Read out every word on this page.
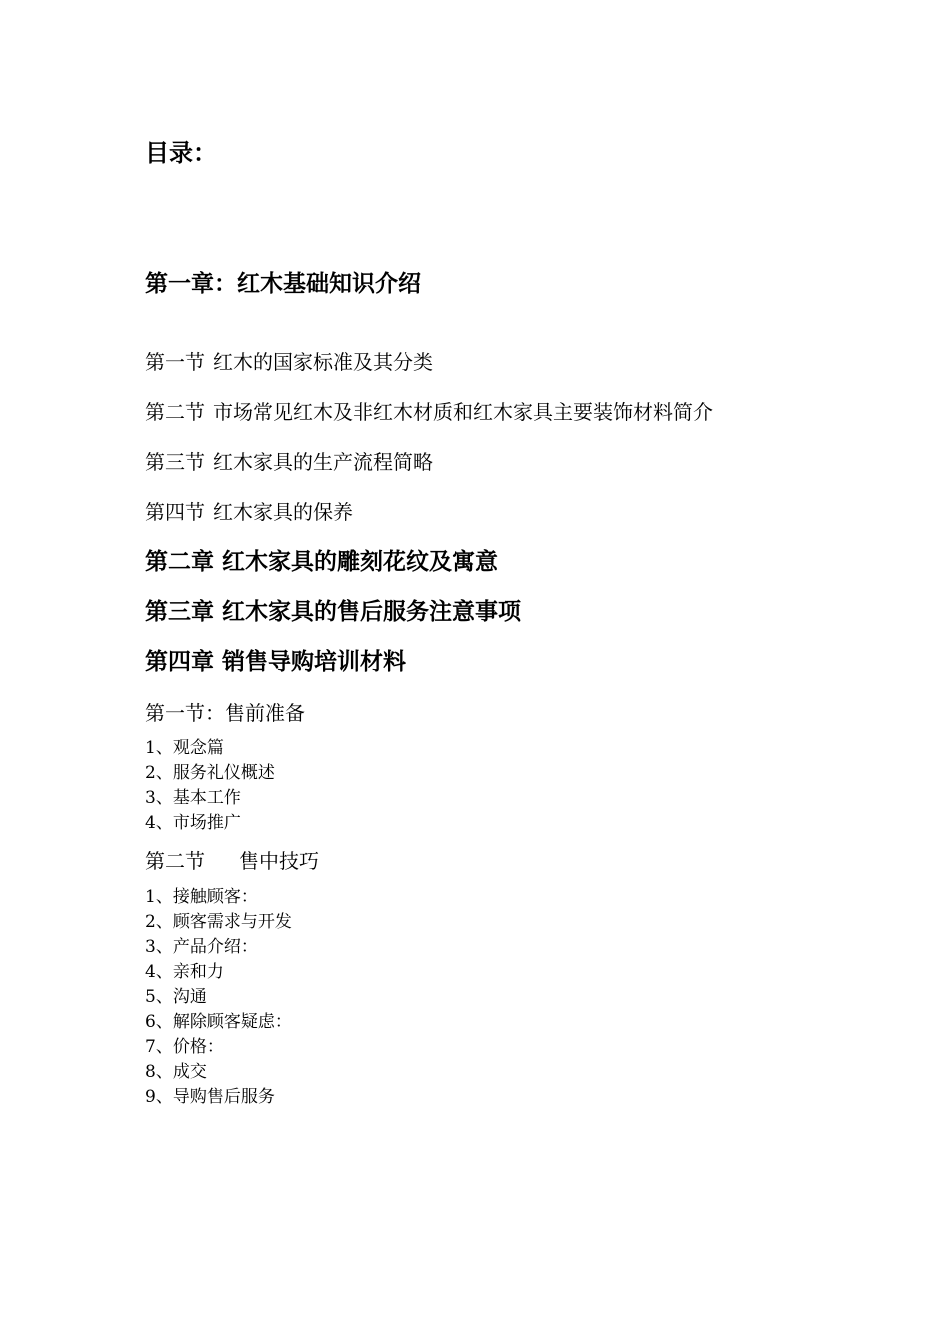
目录：
第一章：红木基础知识介绍
第一节 红木的国家标准及其分类
第二节 市场常见红木及非红木材质和红木家具主要装饰材料简介
第三节 红木家具的生产流程简略
第四节 红木家具的保养
第二章 红木家具的雕刻花纹及寓意
第三章 红木家具的售后服务注意事项
第四章 销售导购培训材料
第一节：售前准备
1、观念篇
2、服务礼仪概述
3、基本工作
4、市场推广
第二节 售中技巧
1、接触顾客：
2、顾客需求与开发
3、产品介绍：
4、亲和力
5、沟通
6、解除顾客疑虑：
7、价格：
8、成交
9、导购售后服务
